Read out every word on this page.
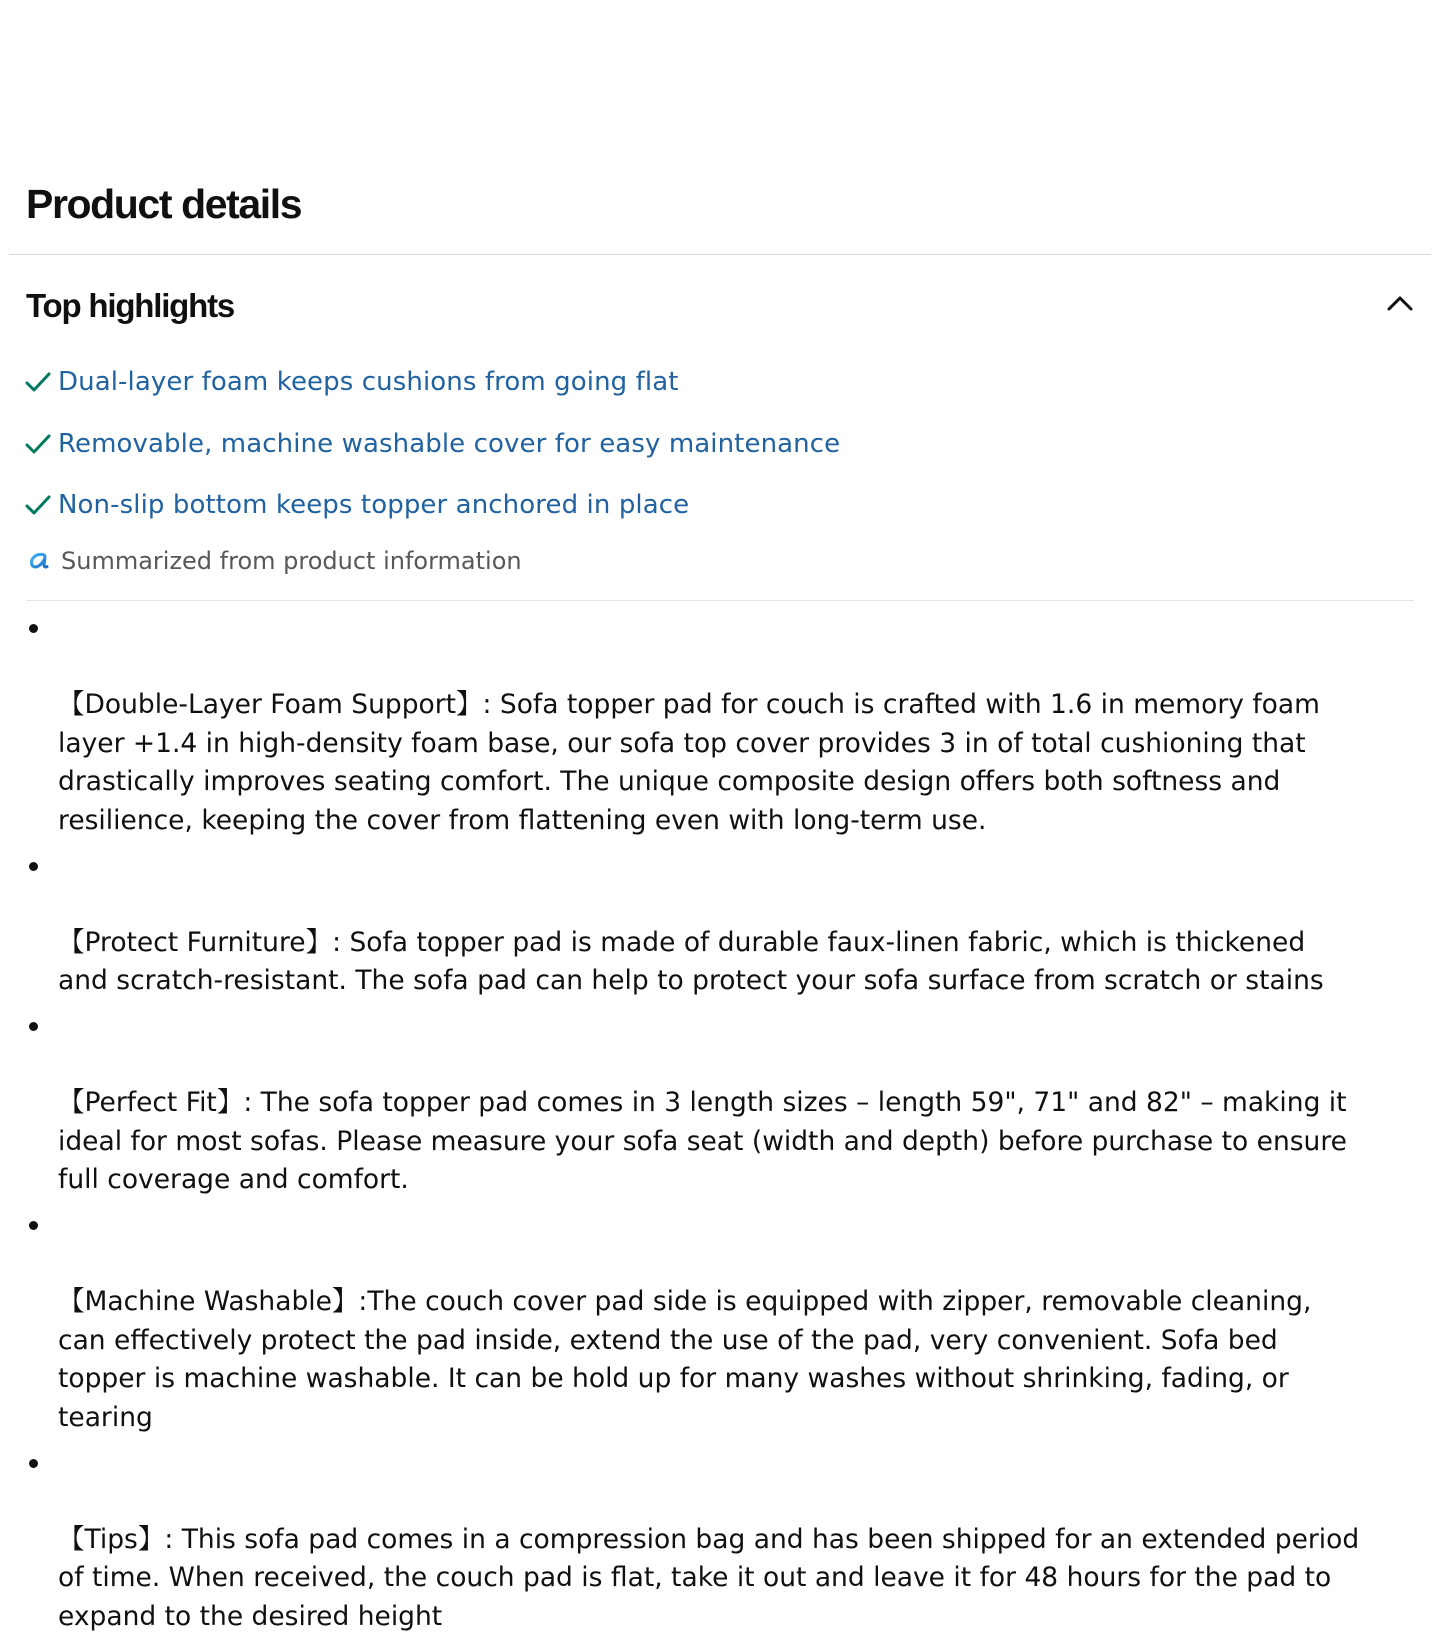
Product details
Top highlights
Dual-layer foam keeps cushions from going flat
Removable, machine washable cover for easy maintenance
Non-slip bottom keeps topper anchored in place
Summarized from product information

【Double-Layer Foam Support】: Sofa topper pad for couch is crafted with 1.6 in memory foam
layer +1.4 in high-density foam base, our sofa top cover provides 3 in of total cushioning that
drastically improves seating comfort. The unique composite design offers both softness and
resilience, keeping the cover from flattening even with long-term use.

【Protect Furniture】: Sofa topper pad is made of durable faux-linen fabric, which is thickened
and scratch-resistant. The sofa pad can help to protect your sofa surface from scratch or stains

【Perfect Fit】: The sofa topper pad comes in 3 length sizes – length 59", 71" and 82" – making it
ideal for most sofas. Please measure your sofa seat (width and depth) before purchase to ensure
full coverage and comfort.

【Machine Washable】:The couch cover pad side is equipped with zipper, removable cleaning,
can effectively protect the pad inside, extend the use of the pad, very convenient. Sofa bed
topper is machine washable. It can be hold up for many washes without shrinking, fading, or
tearing

【Tips】: This sofa pad comes in a compression bag and has been shipped for an extended period
of time. When received, the couch pad is flat, take it out and leave it for 48 hours for the pad to
expand to the desired height
